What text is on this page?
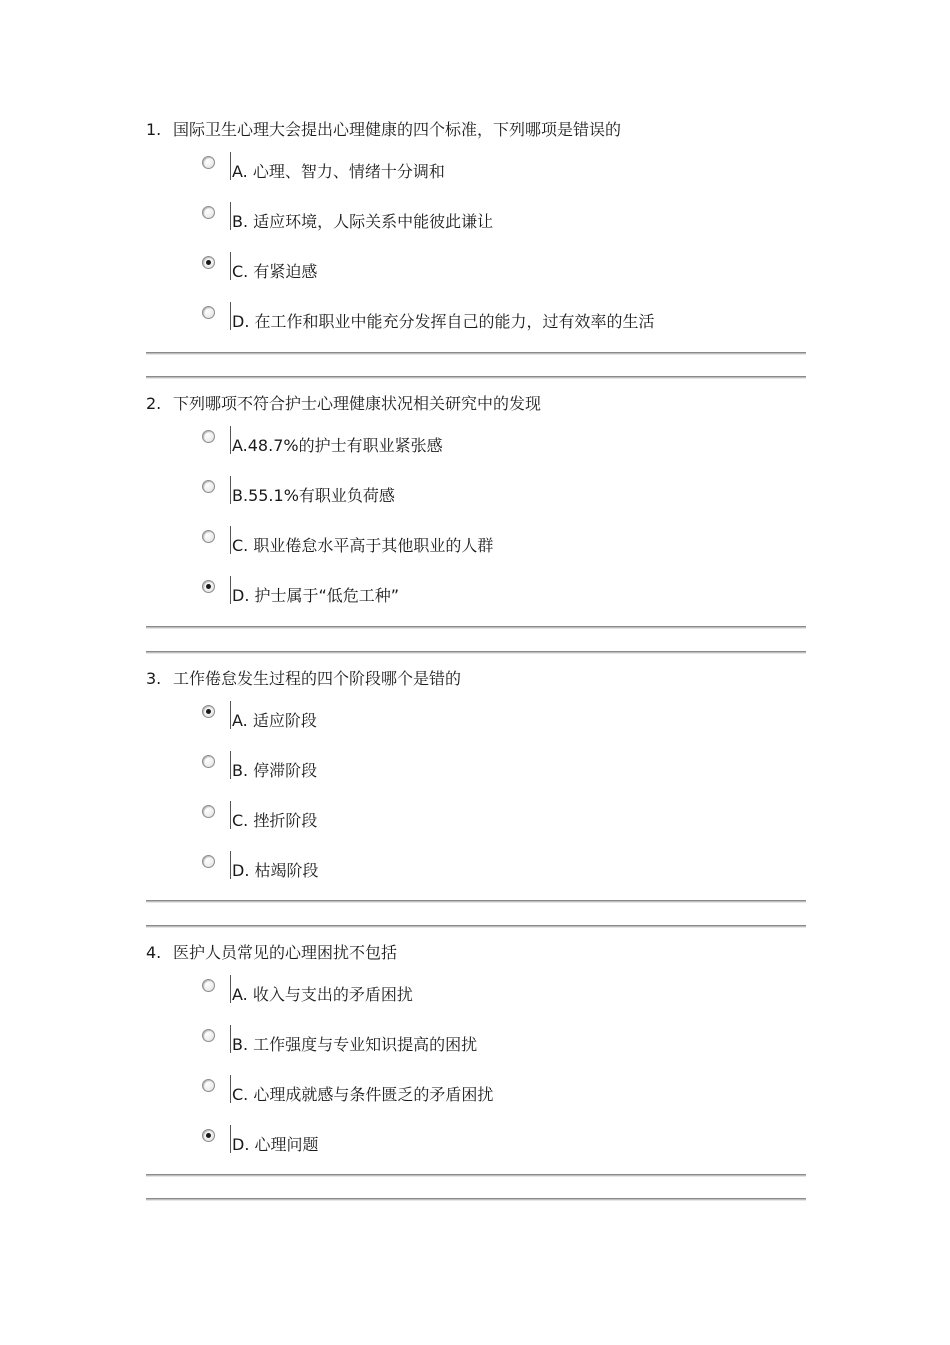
1. 国际卫生心理大会提出心理健康的四个标准，下列哪项是错误的
A. 心理、智力、情绪十分调和
B. 适应环境，人际关系中能彼此谦让
C. 有紧迫感
D. 在工作和职业中能充分发挥自己的能力，过有效率的生活
2. 下列哪项不符合护士心理健康状况相关研究中的发现
A.48.7%的护士有职业紧张感
B.55.1%有职业负荷感
C. 职业倦怠水平高于其他职业的人群
D. 护士属于“低危工种”
3. 工作倦怠发生过程的四个阶段哪个是错的
A. 适应阶段
B. 停滞阶段
C. 挫折阶段
D. 枯竭阶段
4. 医护人员常见的心理困扰不包括
A. 收入与支出的矛盾困扰
B. 工作强度与专业知识提高的困扰
C. 心理成就感与条件匮乏的矛盾困扰
D. 心理问题
